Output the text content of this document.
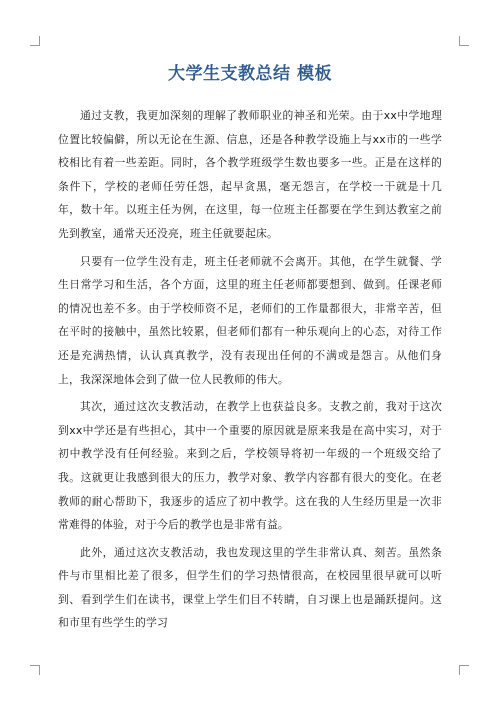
大学生支教总结 模板

通过支教，我更加深刻的理解了教师职业的神圣和光荣。由于xx中学地理位置比较偏僻，所以无论在生源、信息，还是各种教学设施上与xx市的一些学校相比有着一些差距。同时，各个教学班级学生数也要多一些。正是在这样的条件下，学校的老师任劳任怨，起早贪黑，毫无怨言，在学校一干就是十几年，数十年。以班主任为例，在这里，每一位班主任都要在学生到达教室之前先到教室，通常天还没亮，班主任就要起床。

只要有一位学生没有走，班主任老师就不会离开。其他，在学生就餐、学生日常学习和生活，各个方面，这里的班主任老师都要想到、做到。任课老师的情况也差不多。由于学校师资不足，老师们的工作量都很大，非常辛苦，但在平时的接触中，虽然比较累，但老师们都有一种乐观向上的心态，对待工作还是充满热情，认认真真教学，没有表现出任何的不满或是怨言。从他们身上，我深深地体会到了做一位人民教师的伟大。

其次，通过这次支教活动，在教学上也获益良多。支教之前，我对于这次到xx中学还是有些担心，其中一个重要的原因就是原来我是在高中实习，对于初中教学没有任何经验。来到之后，学校领导将初一年级的一个班级交给了我。这就更让我感到很大的压力，教学对象、教学内容都有很大的变化。在老教师的耐心帮助下，我逐步的适应了初中教学。这在我的人生经历里是一次非常难得的体验，对于今后的教学也是非常有益。

此外，通过这次支教活动，我也发现这里的学生非常认真、刻苦。虽然条件与市里相比差了很多，但学生们的学习热情很高，在校园里很早就可以听到、看到学生们在读书，课堂上学生们目不转睛，自习课上也是踊跃提问。这和市里有些学生的学习
